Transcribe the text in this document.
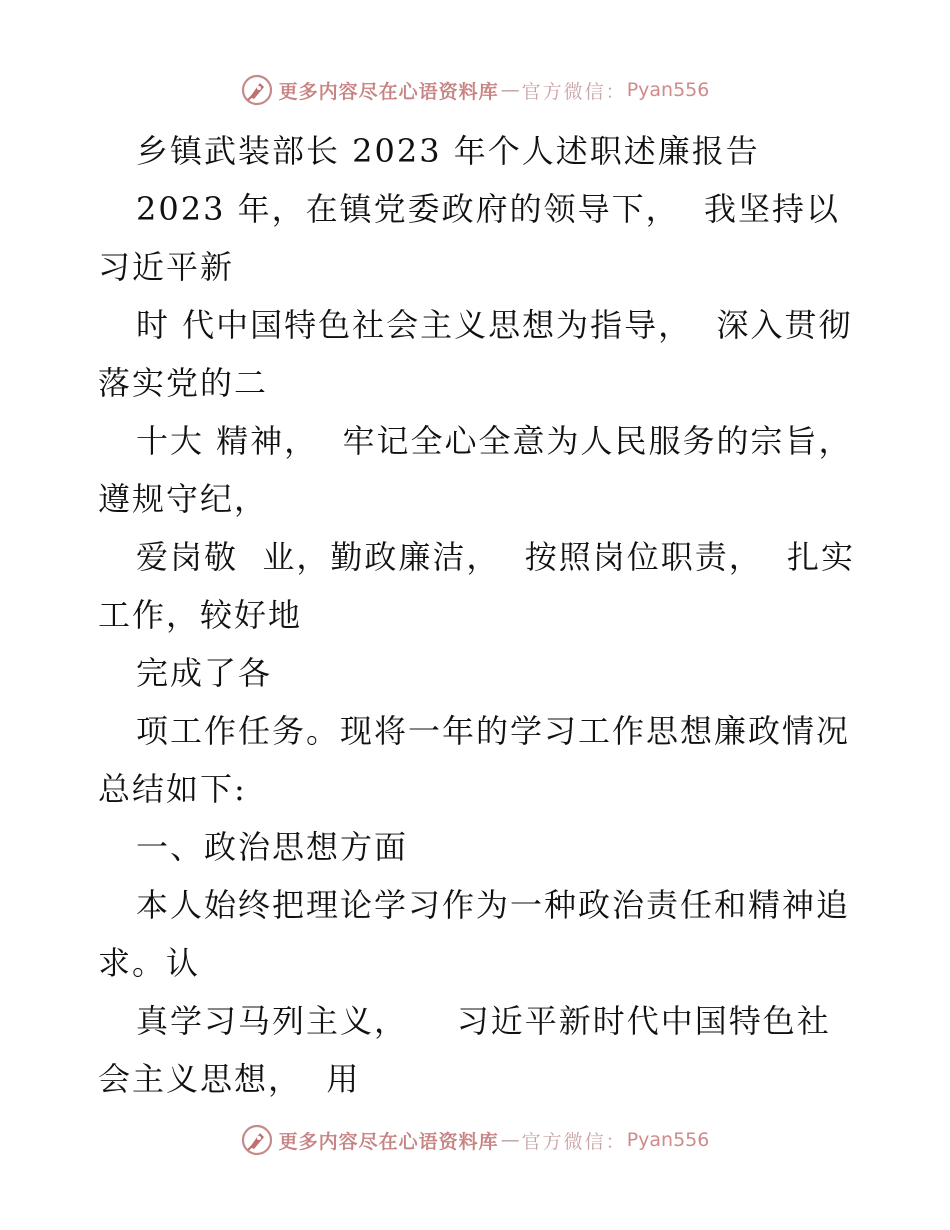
更多内容尽在心语资料库 — 官方微信： Pyan556

乡镇武装部长 2023 年个人述职述廉报告

2023 年，在镇党委政府的领导下，  我坚持以习近平新

时 代中国特色社会主义思想为指导，  深入贯彻落实党的二

十大 精神，  牢记全心全意为人民服务的宗旨，遵规守纪，

爱岗敬  业，勤政廉洁，  按照岗位职责，  扎实工作，较好地

完成了各

项工作任务。现将一年的学习工作思想廉政情况总结如下:

一、政治思想方面

本人始终把理论学习作为一种政治责任和精神追求。认

真学习马列主义，    习近平新时代中国特色社会主义思想，  用

更多内容尽在心语资料库 — 官方微信： Pyan556
